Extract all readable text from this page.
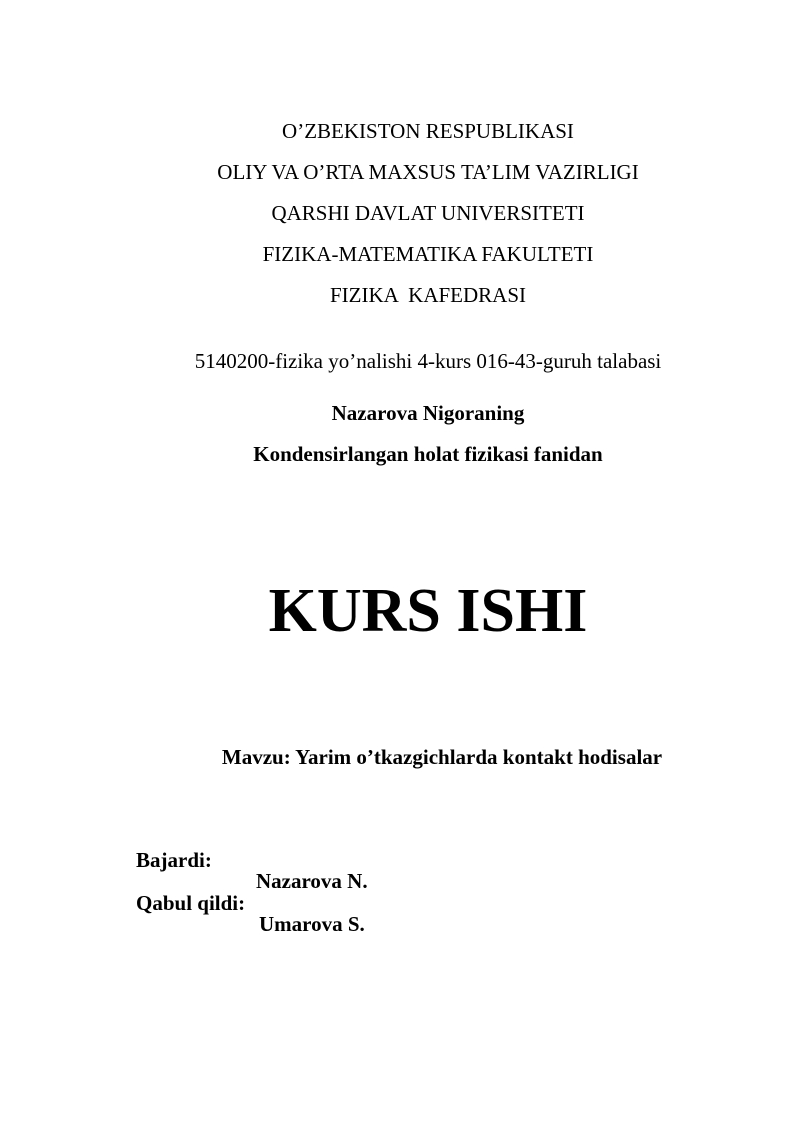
O’ZBEKISTON RESPUBLIKASI
OLIY VA O’RTA MAXSUS TA’LIM VAZIRLIGI
QARSHI DAVLAT UNIVERSITETI
FIZIKA-MATEMATIKA FAKULTETI
FIZIKA  KAFEDRASI
5140200-fizika yo’nalishi 4-kurs 016-43-guruh talabasi
Nazarova Nigoraning
Kondensirlangan holat fizikasi fanidan
KURS ISHI
Mavzu: Yarim o’tkazgichlarda kontakt hodisalar

Bajardi:

Nazarova N.

Qabul qildi:

Umarova S.
